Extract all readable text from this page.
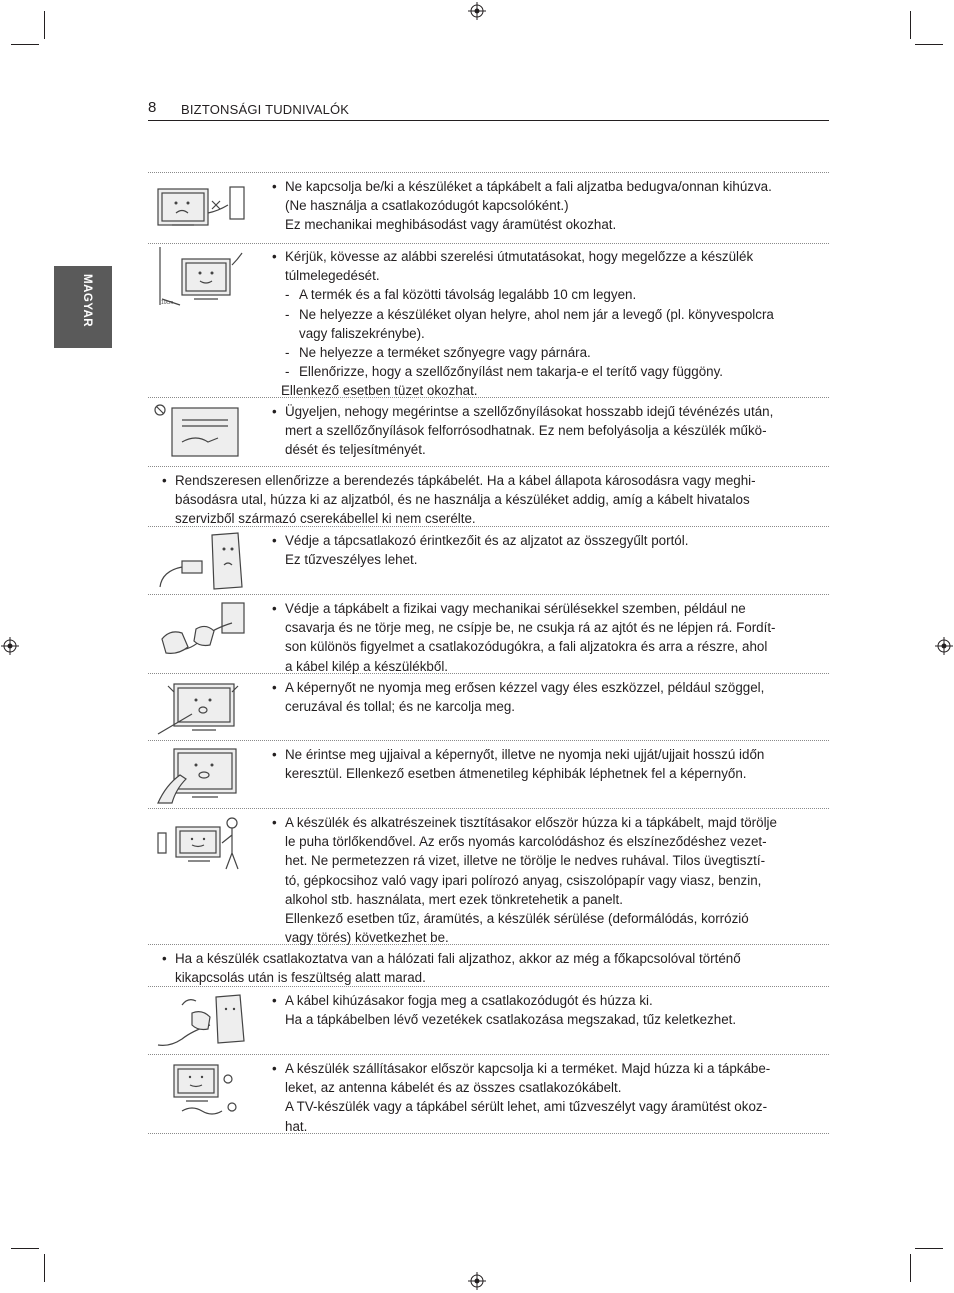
8 BIZTONSÁGI TUDNIVALÓK
MAGYAR
• Ne kapcsolja be/ki a készüléket a tápkábelt a fali aljzatba bedugva/onnan kihúzva.
(Ne használja a csatlakozódugót kapcsolóként.)
Ez mechanikai meghibásodást vagy áramütést okozhat.
10cm
• Kérjük, kövesse az alábbi szerelési útmutatásokat, hogy megelőzze a készülék
túlmelegedését.
- A termék és a fal közötti távolság legalább 10 cm legyen.
- Ne helyezze a készüléket olyan helyre, ahol nem jár a levegő (pl. könyvespolcra
vagy faliszekrénybe).
- Ne helyezze a terméket szőnyegre vagy párnára.
- Ellenőrizze, hogy a szellőzőnyílást nem takarja-e el terítő vagy függöny.
Ellenkező esetben tüzet okozhat.
• Ügyeljen, nehogy megérintse a szellőzőnyílásokat hosszabb idejű tévénézés után,
mert a szellőzőnyílások felforrósodhatnak. Ez nem befolyásolja a készülék műkö-
dését és teljesítményét.
• Rendszeresen ellenőrizze a berendezés tápkábelét. Ha a kábel állapota károsodásra vagy meghi-
básodásra utal, húzza ki az aljzatból, és ne használja a készüléket addig, amíg a kábelt hivatalos
szervizből származó cserekábellel ki nem cserélte.
• Védje a tápcsatlakozó érintkezőit és az aljzatot az összegyűlt portól.
Ez tűzveszélyes lehet.
• Védje a tápkábelt a fizikai vagy mechanikai sérülésekkel szemben, például ne
csavarja és ne törje meg, ne csípje be, ne csukja rá az ajtót és ne lépjen rá. Fordít-
son különös figyelmet a csatlakozódugókra, a fali aljzatokra és arra a részre, ahol
a kábel kilép a készülékből.
• A képernyőt ne nyomja meg erősen kézzel vagy éles eszközzel, például szöggel,
ceruzával és tollal; és ne karcolja meg.
• Ne érintse meg ujjaival a képernyőt, illetve ne nyomja neki ujját/ujjait hosszú időn
keresztül. Ellenkező esetben átmenetileg képhibák léphetnek fel a képernyőn.
• A készülék és alkatrészeinek tisztításakor először húzza ki a tápkábelt, majd törölje
le puha törlőkendővel. Az erős nyomás karcolódáshoz és elszíneződéshez vezet-
het. Ne permetezzen rá vizet, illetve ne törölje le nedves ruhával. Tilos üvegtisztí-
tó, gépkocsihoz való vagy ipari polírozó anyag, csiszolópapír vagy viasz, benzin,
alkohol stb. használata, mert ezek tönkretehetik a panelt.
Ellenkező esetben tűz, áramütés, a készülék sérülése (deformálódás, korrózió
vagy törés) következhet be.
• Ha a készülék csatlakoztatva van a hálózati fali aljzathoz, akkor az még a főkapcsolóval történő
kikapcsolás után is feszültség alatt marad.
• A kábel kihúzásakor fogja meg a csatlakozódugót és húzza ki.
Ha a tápkábelben lévő vezetékek csatlakozása megszakad, tűz keletkezhet.
• A készülék szállításakor először kapcsolja ki a terméket. Majd húzza ki a tápkábe-
leket, az antenna kábelét és az összes csatlakozókábelt.
A TV-készülék vagy a tápkábel sérült lehet, ami tűzveszélyt vagy áramütést okoz-
hat.
